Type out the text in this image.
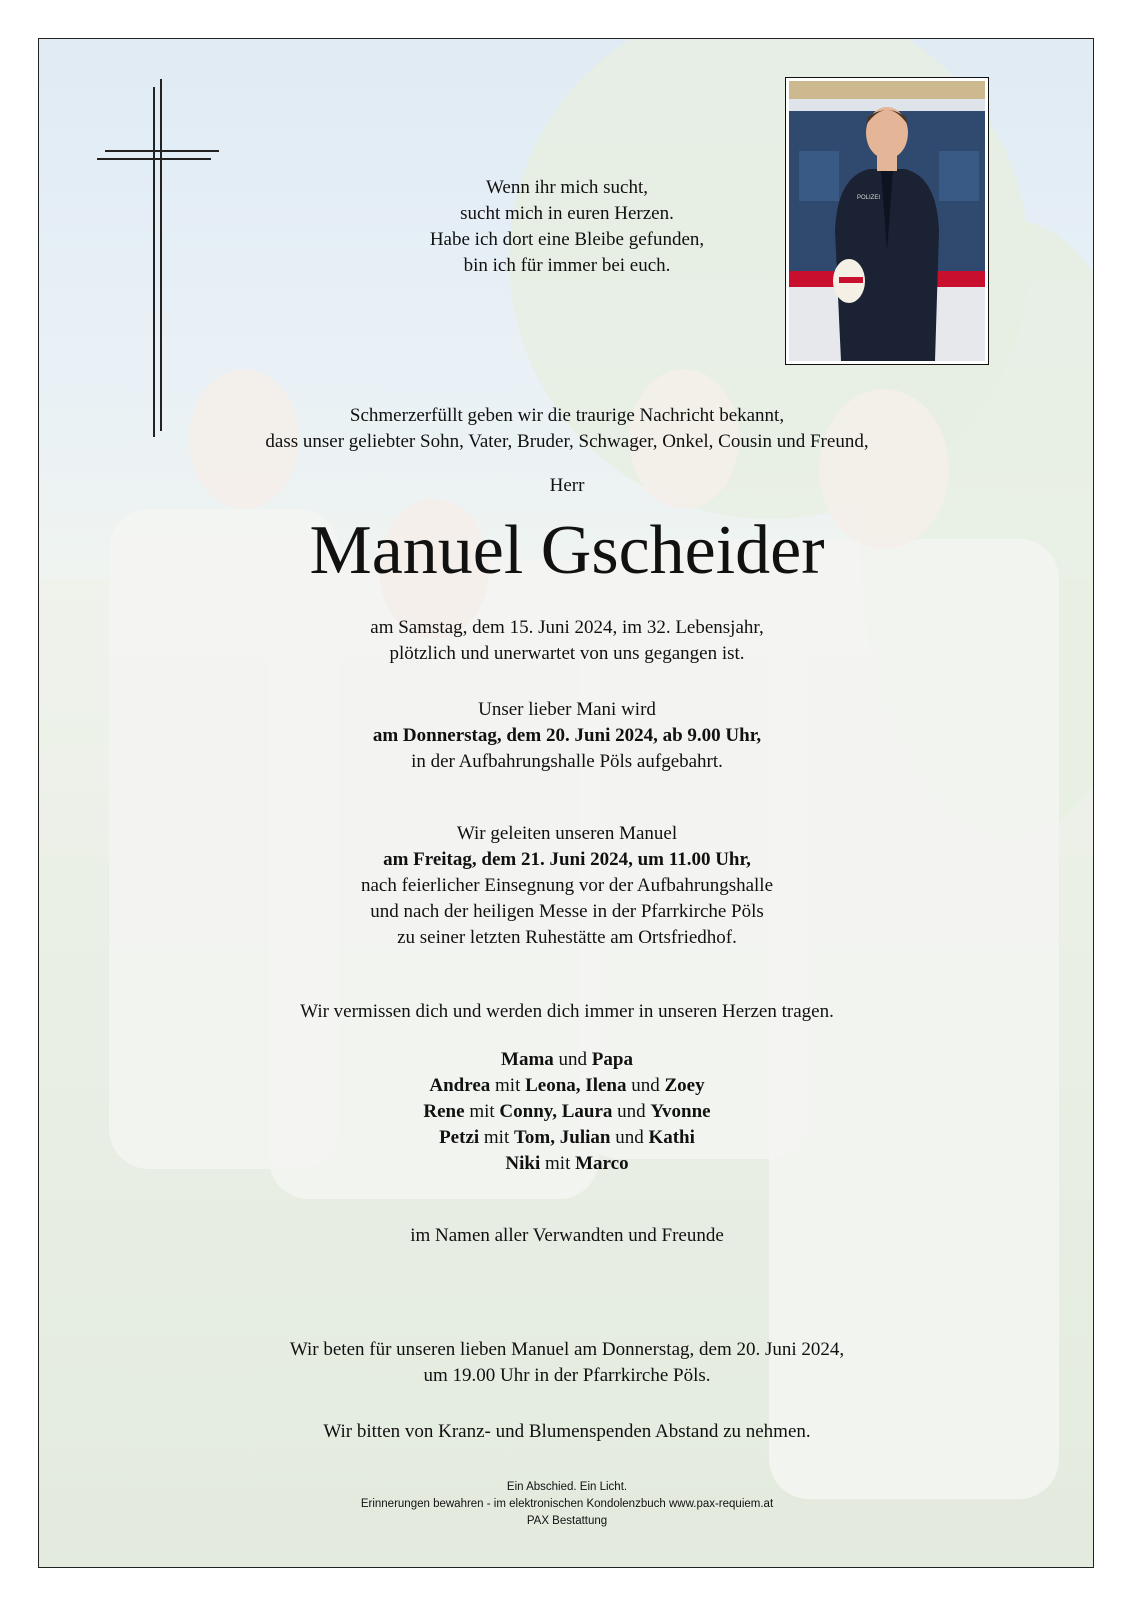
POLIZEI
Wenn ihr mich sucht,
sucht mich in euren Herzen.
Habe ich dort eine Bleibe gefunden,
bin ich für immer bei euch.
Schmerzerfüllt geben wir die traurige Nachricht bekannt,
dass unser geliebter Sohn, Vater, Bruder, Schwager, Onkel, Cousin und Freund,
Herr
Manuel Gscheider
am Samstag, dem 15. Juni 2024, im 32. Lebensjahr,
plötzlich und unerwartet von uns gegangen ist.
Unser lieber Mani wird
am Donnerstag, dem 20. Juni 2024, ab 9.00 Uhr,
in der Aufbahrungshalle Pöls aufgebahrt.
Wir geleiten unseren Manuel
am Freitag, dem 21. Juni 2024, um 11.00 Uhr,
nach feierlicher Einsegnung vor der Aufbahrungshalle
und nach der heiligen Messe in der Pfarrkirche Pöls
zu seiner letzten Ruhestätte am Ortsfriedhof.
Wir vermissen dich und werden dich immer in unseren Herzen tragen.
Mama und Papa
Andrea mit Leona, Ilena und Zoey
Rene mit Conny, Laura und Yvonne
Petzi mit Tom, Julian und Kathi
Niki mit Marco
im Namen aller Verwandten und Freunde
Wir beten für unseren lieben Manuel am Donnerstag, dem 20. Juni 2024,
um 19.00 Uhr in der Pfarrkirche Pöls.
Wir bitten von Kranz- und Blumenspenden Abstand zu nehmen.
Ein Abschied. Ein Licht.
Erinnerungen bewahren - im elektronischen Kondolenzbuch www.pax-requiem.at
PAX Bestattung
